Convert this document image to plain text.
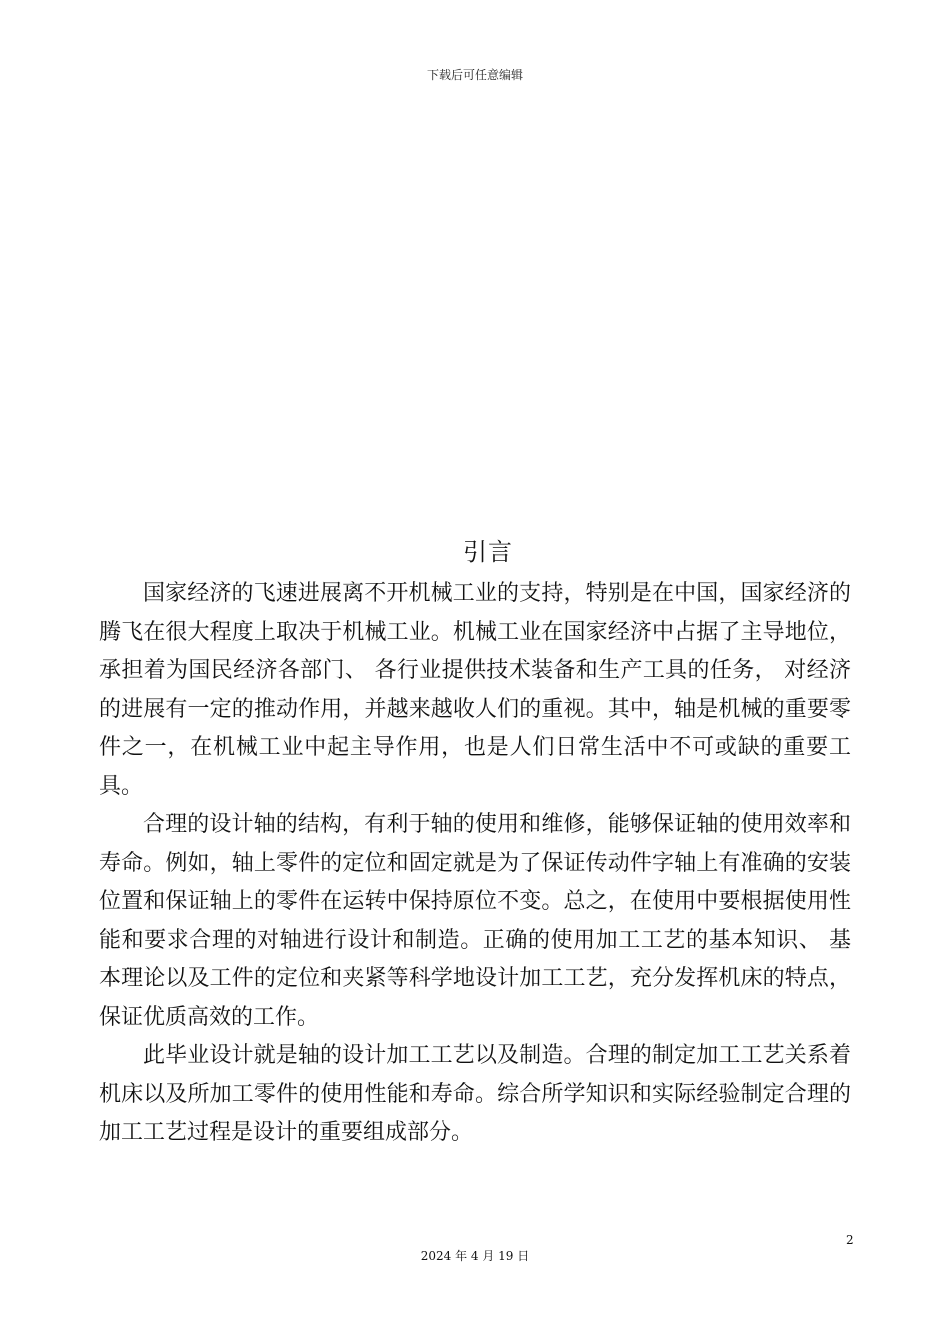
下载后可任意编辑
引言

国家经济的飞速进展离不开机械工业的支持，特别是在中国，国家经济的腾飞在很大程度上取决于机械工业。机械工业在国家经济中占据了主导地位，承担着为国民经济各部门、 各行业提供技术装备和生产工具的任务， 对经济的进展有一定的推动作用，并越来越收人们的重视。其中，轴是机械的重要零件之一，在机械工业中起主导作用，也是人们日常生活中不可或缺的重要工具。

合理的设计轴的结构，有利于轴的使用和维修，能够保证轴的使用效率和寿命。例如，轴上零件的定位和固定就是为了保证传动件字轴上有准确的安装位置和保证轴上的零件在运转中保持原位不变。总之，在使用中要根据使用性能和要求合理的对轴进行设计和制造。正确的使用加工工艺的基本知识、 基本理论以及工件的定位和夹紧等科学地设计加工工艺，充分发挥机床的特点，保证优质高效的工作。

此毕业设计就是轴的设计加工工艺以及制造。合理的制定加工工艺关系着机床以及所加工零件的使用性能和寿命。综合所学知识和实际经验制定合理的加工工艺过程是设计的重要组成部分。

2
2024 年 4 月 19 日
